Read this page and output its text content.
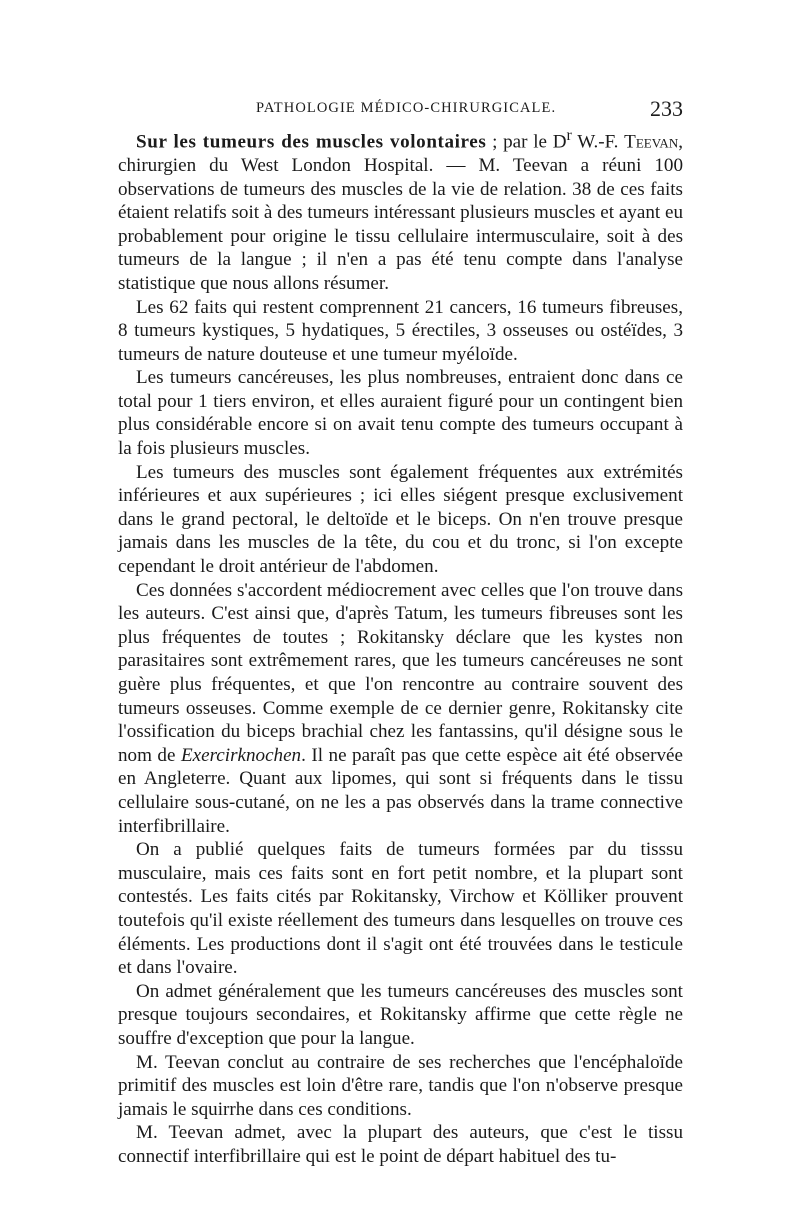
PATHOLOGIE MÉDICO-CHIRURGICALE.	233

Sur les tumeurs des muscles volontaires ; par le $D^r$ W.-F. Teevan, chirurgien du West London Hospital. — M. Teevan a réuni 100 observations de tumeurs des muscles de la vie de relation. 38 de ces faits étaient relatifs soit à des tumeurs intéressant plusieurs muscles et ayant eu probablement pour origine le tissu cellulaire intermusculaire, soit à des tumeurs de la langue ; il n'en a pas été tenu compte dans l'analyse statistique que nous allons résumer.

Les 62 faits qui restent comprennent 21 cancers, 16 tumeurs fibreuses, 8 tumeurs kystiques, 5 hydatiques, 5 érectiles, 3 osseuses ou ostéïdes, 3 tumeurs de nature douteuse et une tumeur myéloïde.

Les tumeurs cancéreuses, les plus nombreuses, entraient donc dans ce total pour 1 tiers environ, et elles auraient figuré pour un contingent bien plus considérable encore si on avait tenu compte des tumeurs occupant à la fois plusieurs muscles.

Les tumeurs des muscles sont également fréquentes aux extrémités inférieures et aux supérieures ; ici elles siégent presque exclusivement dans le grand pectoral, le deltoïde et le biceps. On n'en trouve presque jamais dans les muscles de la tête, du cou et du tronc, si l'on excepte cependant le droit antérieur de l'abdomen.

Ces données s'accordent médiocrement avec celles que l'on trouve dans les auteurs. C'est ainsi que, d'après Tatum, les tumeurs fibreuses sont les plus fréquentes de toutes ; Rokitansky déclare que les kystes non parasitaires sont extrêmement rares, que les tumeurs cancéreuses ne sont guère plus fréquentes, et que l'on rencontre au contraire souvent des tumeurs osseuses. Comme exemple de ce dernier genre, Rokitansky cite l'ossification du biceps brachial chez les fantassins, qu'il désigne sous le nom de Exercirknochen. Il ne paraît pas que cette espèce ait été observée en Angleterre. Quant aux lipomes, qui sont si fréquents dans le tissu cellulaire sous-cutané, on ne les a pas observés dans la trame connective interfibrillaire.

On a publié quelques faits de tumeurs formées par du tisssu musculaire, mais ces faits sont en fort petit nombre, et la plupart sont contestés. Les faits cités par Rokitansky, Virchow et Kölliker prouvent toutefois qu'il existe réellement des tumeurs dans lesquelles on trouve ces éléments. Les productions dont il s'agit ont été trouvées dans le testicule et dans l'ovaire.

On admet généralement que les tumeurs cancéreuses des muscles sont presque toujours secondaires, et Rokitansky affirme que cette règle ne souffre d'exception que pour la langue.

M. Teevan conclut au contraire de ses recherches que l'encéphaloïde primitif des muscles est loin d'être rare, tandis que l'on n'observe presque jamais le squirrhe dans ces conditions.

M. Teevan admet, avec la plupart des auteurs, que c'est le tissu connectif interfibrillaire qui est le point de départ habituel des tu-
